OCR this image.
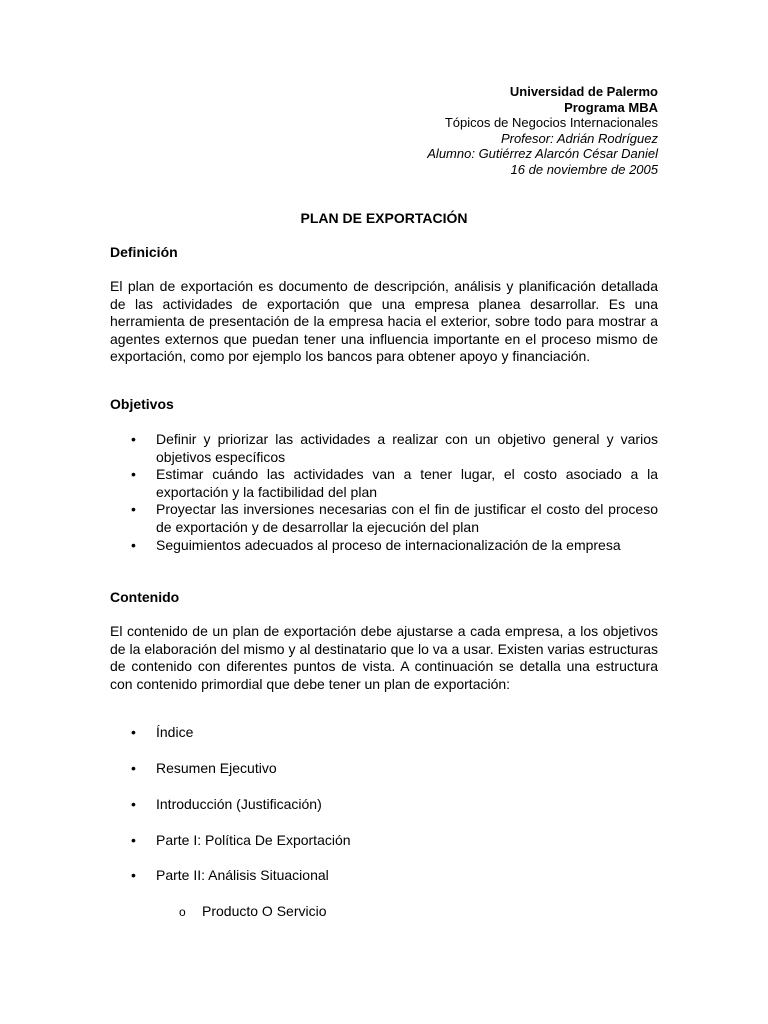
Universidad de Palermo
Programa MBA
Tópicos de Negocios Internacionales
Profesor: Adrián Rodríguez
Alumno: Gutiérrez Alarcón César Daniel
16 de noviembre de 2005
PLAN DE EXPORTACIÓN
Definición
El plan de exportación es documento de descripción, análisis y planificación detallada de las actividades de exportación que una empresa planea desarrollar. Es una herramienta de presentación de la empresa hacia el exterior, sobre todo para mostrar a agentes externos que puedan tener una influencia importante en el proceso mismo de exportación, como por ejemplo los bancos para obtener apoyo y financiación.
Objetivos
• Definir y priorizar las actividades a realizar con un objetivo general y varios objetivos específicos
• Estimar cuándo las actividades van a tener lugar, el costo asociado a la exportación y la factibilidad del plan
• Proyectar las inversiones necesarias con el fin de justificar el costo del proceso de exportación y de desarrollar la ejecución del plan
• Seguimientos adecuados al proceso de internacionalización de la empresa
Contenido
El contenido de un plan de exportación debe ajustarse a cada empresa, a los objetivos de la elaboración del mismo y al destinatario que lo va a usar. Existen varias estructuras de contenido con diferentes puntos de vista. A continuación se detalla una estructura con contenido primordial que debe tener un plan de exportación:
• Índice
• Resumen Ejecutivo
• Introducción (Justificación)
• Parte I: Política De Exportación
• Parte II: Análisis Situacional
o Producto O Servicio
